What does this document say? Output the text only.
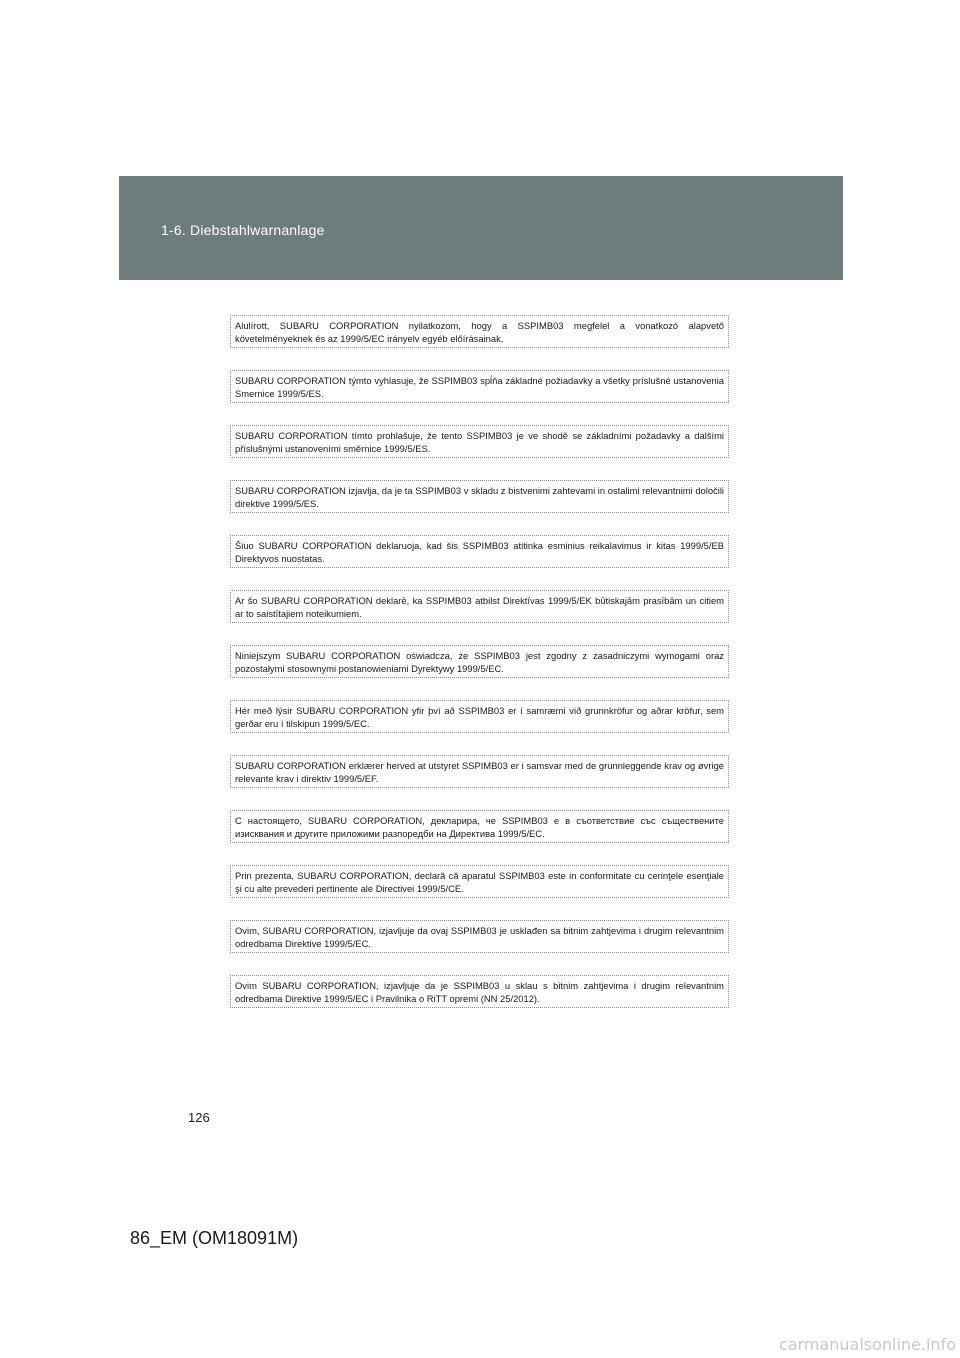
1-6. Diebstahlwarnanlage
Alulírott, SUBARU CORPORATION nyilatkozom, hogy a SSPIMB03 megfelel a vonatkozó alapvető követelményeknek és az 1999/5/EC irányelv egyéb előírásainak.
SUBARU CORPORATION týmto vyhlasuje, že SSPIMB03 spĺňa základné požiadavky a všetky príslušné ustanovenia Smernice 1999/5/ES.
SUBARU CORPORATION tímto prohlašuje, že tento SSPIMB03 je ve shodě se základními požadavky a dalšími příslušnými ustanoveními směrnice 1999/5/ES.
SUBARU CORPORATION izjavlja, da je ta SSPIMB03 v skladu z bistvenimi zahtevami in ostalimi relevantnimi določili direktive 1999/5/ES.
Šiuo SUBARU CORPORATION deklaruoja, kad šis SSPIMB03 atitinka esminius reikalavimus ir kitas 1999/5/EB Direktyvos nuostatas.
Ar šo SUBARU CORPORATION deklarē, ka SSPIMB03 atbilst Direktīvas 1999/5/EK būtiskajām prasībām un citiem ar to saistītajiem noteikumiem.
Niniejszym SUBARU CORPORATION oświadcza, że SSPIMB03 jest zgodny z zasadniczymi wymogami oraz pozostałymi stosownymi postanowieniami Dyrektywy 1999/5/EC.
Hér með lýsir SUBARU CORPORATION yfir því að SSPIMB03 er í samræmi við grunnkröfur og aðrar kröfur, sem gerðar eru í tilskipun 1999/5/EC.
SUBARU CORPORATION erklærer herved at utstyret SSPIMB03 er i samsvar med de grunnleggende krav og øvrige relevante krav i direktiv 1999/5/EF.
С настоящето, SUBARU CORPORATION, декларира, че SSPIMB03 е в съответствие със съществените изисквания и другите приложими разпоредби на Директива 1999/5/EC.
Prin prezenta, SUBARU CORPORATION, declară că aparatul SSPIMB03 este in conformitate cu cerinţele esenţiale şi cu alte prevederi pertinente ale Directivei 1999/5/CE.
Ovim, SUBARU CORPORATION, izjavljuje da ovaj SSPIMB03 je usklađen sa bitnim zahtjevima i drugim relevantnim odredbama Direktive 1999/5/EC.
Ovim SUBARU CORPORATION, izjavljuje da je SSPIMB03 u sklau s bitnim zahtjevima i drugim relevantnim odredbama Direktive 1999/5/EC i Pravilnika o RiTT opremi (NN 25/2012).
126
86_EM (OM18091M)
carmanualsonline.info
